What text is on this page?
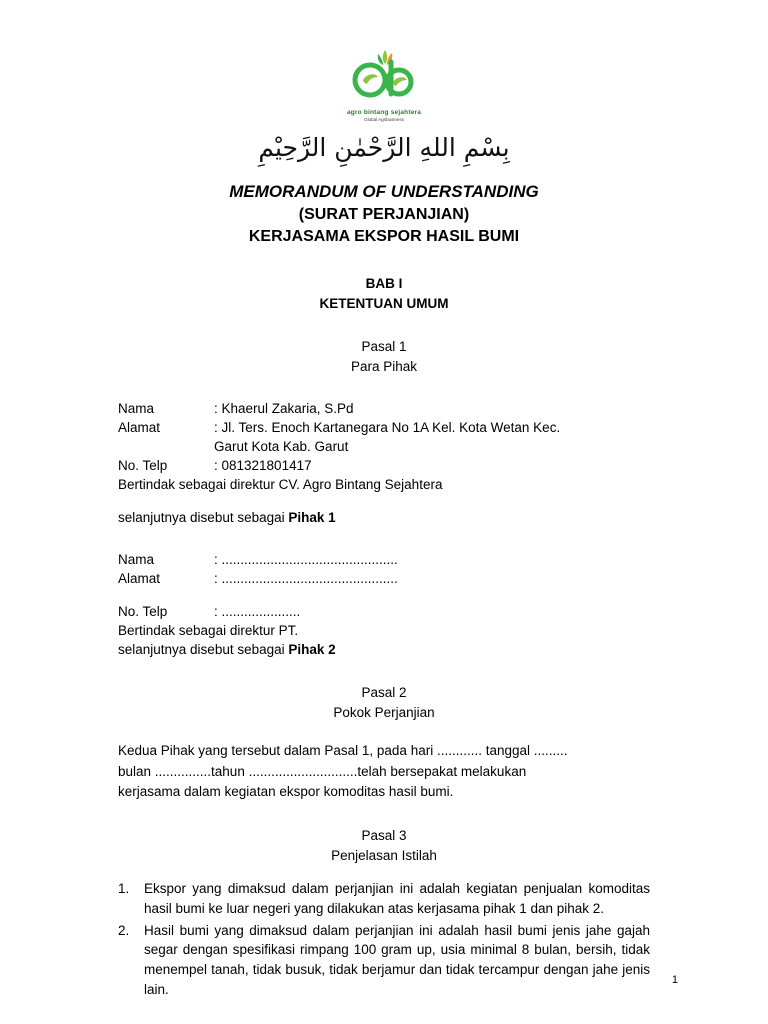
agro bintang sejahtera
Global Agribusiness
بِسْمِ اللهِ الرَّحْمٰنِ الرَّحِيْمِ
MEMORANDUM OF UNDERSTANDING
(SURAT PERJANJIAN)
KERJASAMA EKSPOR HASIL BUMI
BAB I
KETENTUAN UMUM
Pasal 1
Para Pihak
Nama	: Khaerul Zakaria, S.Pd
Alamat	: Jl. Ters. Enoch Kartanegara No 1A Kel. Kota Wetan Kec.
Garut Kota Kab. Garut
No. Telp	: 081321801417
Bertindak sebagai direktur CV. Agro Bintang Sejahtera
selanjutnya disebut sebagai Pihak 1
Nama	: ...............................................
Alamat	: ...............................................
No. Telp	: .....................
Bertindak sebagai direktur PT.
selanjutnya disebut sebagai Pihak 2
Pasal 2
Pokok Perjanjian
Kedua Pihak yang tersebut dalam Pasal 1, pada hari ............ tanggal .........
bulan ...............tahun .............................telah bersepakat melakukan
kerjasama dalam kegiatan ekspor komoditas hasil bumi.
Pasal 3
Penjelasan Istilah
1.	Ekspor yang dimaksud dalam perjanjian ini adalah kegiatan penjualan komoditas hasil bumi ke luar negeri yang dilakukan atas kerjasama pihak 1 dan pihak 2.
2.	Hasil bumi yang dimaksud dalam perjanjian ini adalah hasil bumi jenis jahe gajah segar dengan spesifikasi rimpang 100 gram up, usia minimal 8 bulan, bersih, tidak menempel tanah, tidak busuk, tidak berjamur dan tidak tercampur dengan jahe jenis lain.
1
